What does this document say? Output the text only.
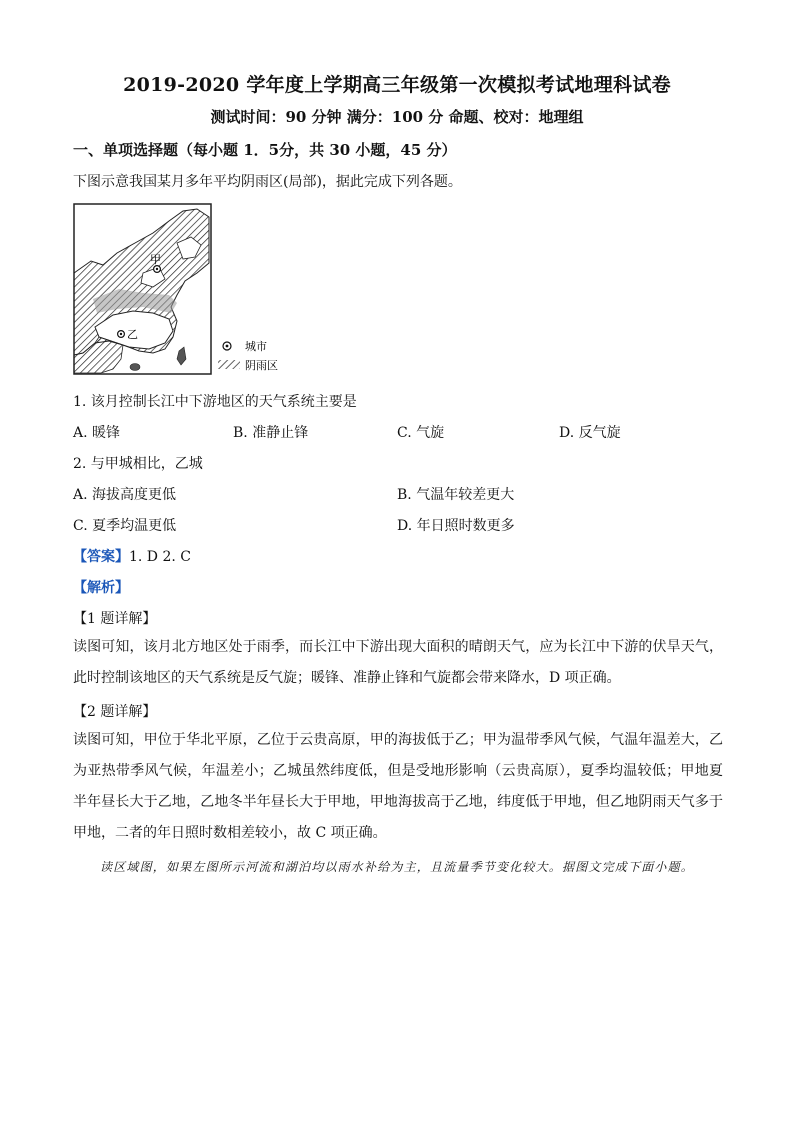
2019-2020 学年度上学期高三年级第一次模拟考试地理科试卷
测试时间：90 分钟 满分：100 分 命题、校对：地理组
一、单项选择题（每小题 1．5分，共 30 小题，45 分）
下图示意我国某月多年平均阴雨区(局部)，据此完成下列各题。
甲
乙
城市
阴雨区
1. 该月控制长江中下游地区的天气系统主要是
A. 暖锋	B. 准静止锋	C. 气旋	D. 反气旋
2. 与甲城相比，乙城
A. 海拔高度更低	B. 气温年较差更大
C. 夏季均温更低	D. 年日照时数更多
【答案】1. D 2. C
【解析】
【1 题详解】
读图可知，该月北方地区处于雨季，而长江中下游出现大面积的晴朗天气，应为长江中下游的伏旱天气，此时控制该地区的天气系统是反气旋；暖锋、准静止锋和气旋都会带来降水，D 项正确。
【2 题详解】
读图可知，甲位于华北平原，乙位于云贵高原，甲的海拔低于乙；甲为温带季风气候，气温年温差大，乙为亚热带季风气候，年温差小；乙城虽然纬度低，但是受地形影响（云贵高原），夏季均温较低；甲地夏半年昼长大于乙地，乙地冬半年昼长大于甲地，甲地海拔高于乙地，纬度低于甲地，但乙地阴雨天气多于甲地，二者的年日照时数相差较小，故 C 项正确。
读区域图，如果左图所示河流和湖泊均以雨水补给为主，且流量季节变化较大。据图文完成下面小题。
